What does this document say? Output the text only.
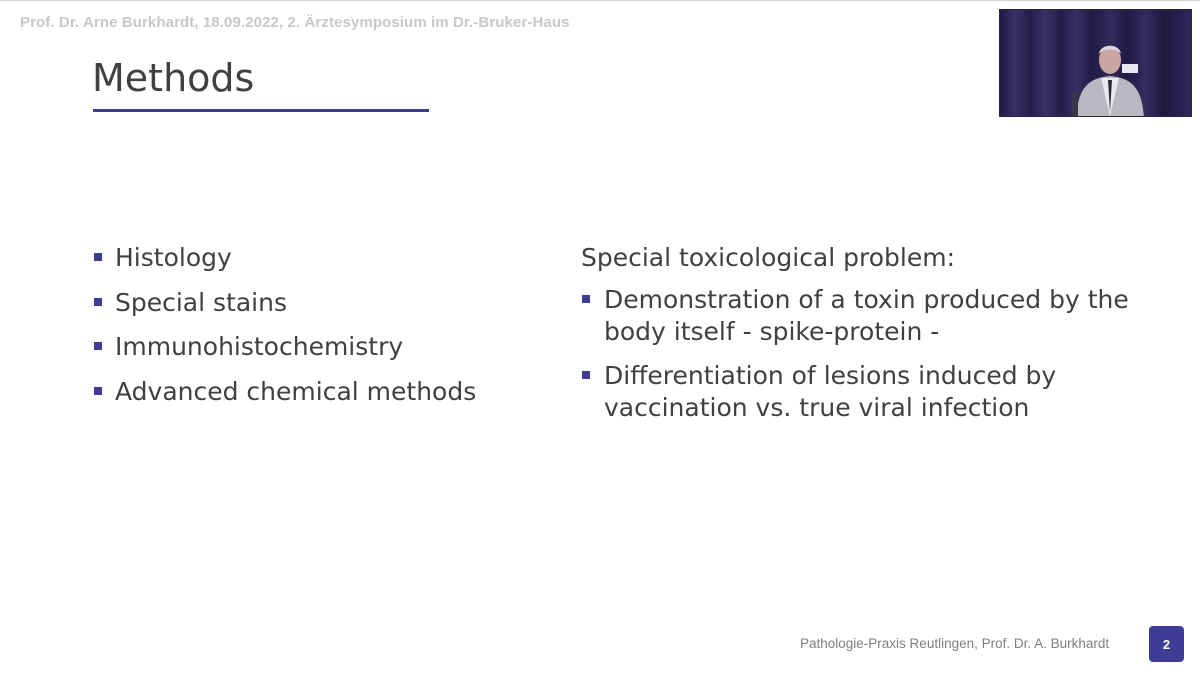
Prof. Dr. Arne Burkhardt, 18.09.2022, 2. Ärztesymposium im Dr.-Bruker-Haus
Methods
Histology
Special stains
Immunohistochemistry
Advanced chemical methods
Special toxicological problem:
Demonstration of a toxin produced by the body itself - spike-protein -
Differentiation of lesions induced by vaccination vs. true viral infection
Pathologie-Praxis Reutlingen, Prof. Dr. A. Burkhardt	2
